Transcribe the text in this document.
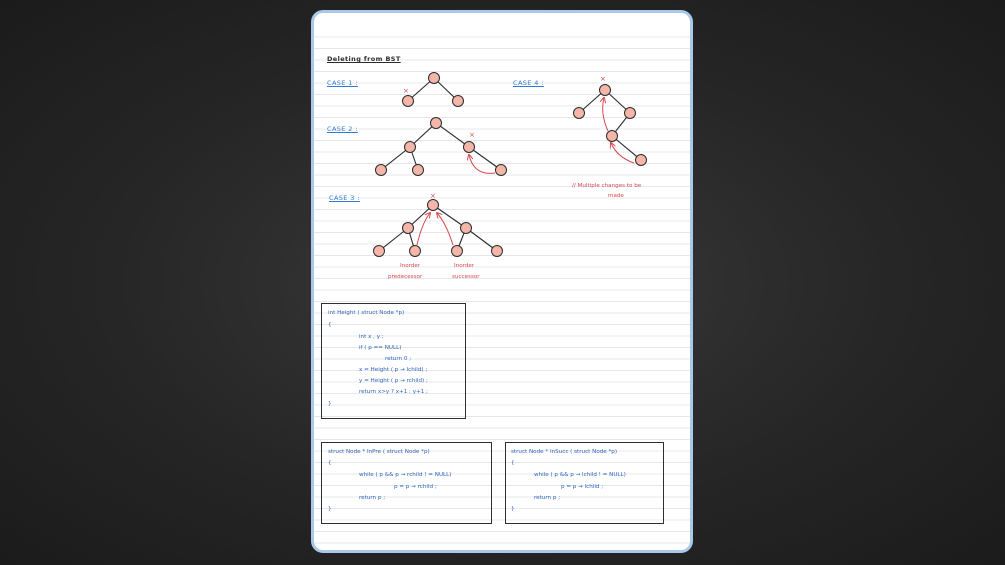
Deleting from BST
CASE 1 :
CASE 2 :
CASE 3 :
CASE 4 :
×
×
×
×
// Multiple changes to be
made
Inorder
predecessor
Inorder
successor
int Height ( struct Node *p)
{
int x , y ;
if ( p == NULL)
return 0 ;
x = Height ( p → lchild) ;
y = Height ( p → rchild) ;
return x>y ? x+1 : y+1 ;
}
struct Node * InPre ( struct Node *p)
{
while ( p && p → rchild ! = NULL)
p = p → rchild ;
return p ;
}
struct Node * InSucc ( struct Node *p)
{
while ( p && p → lchild ! = NULL)
p = p → lchild ;
return p ;
}
